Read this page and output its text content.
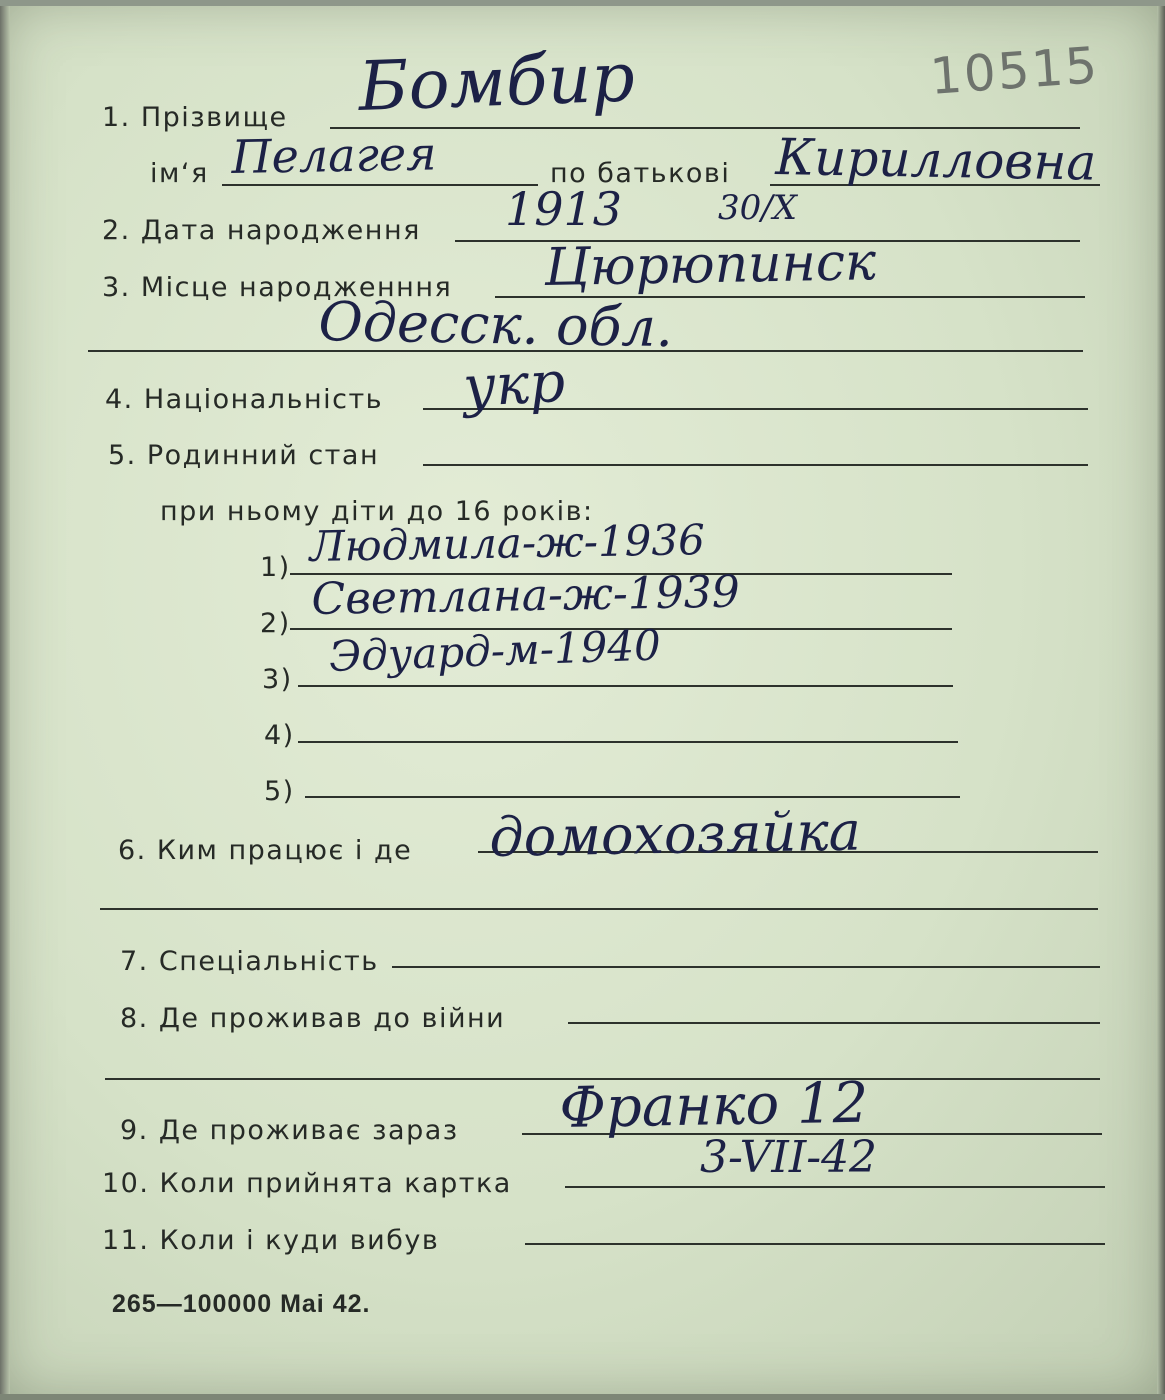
10515
1. Прізвище Бомбир
ім‘я Пелагея	по батькові Кирилловна
2. Дата народження 1913	30/X
3. Місце народженння Цюрюпинск
Одесск. обл.
4. Національність укр
5. Родинний стан
при ньому діти до 16 років:
1) Людмила-ж-1936
2) Светлана-ж-1939
3) Эдуард-м-1940
4)
5)
6. Ким працює і де домохозяйка
7. Спеціальність
8. Де проживав до війни
9. Де проживає зараз Франко 12
10. Коли прийнята картка
3-VII-42
11. Коли і куди вибув
265—100000 Mai 42.
